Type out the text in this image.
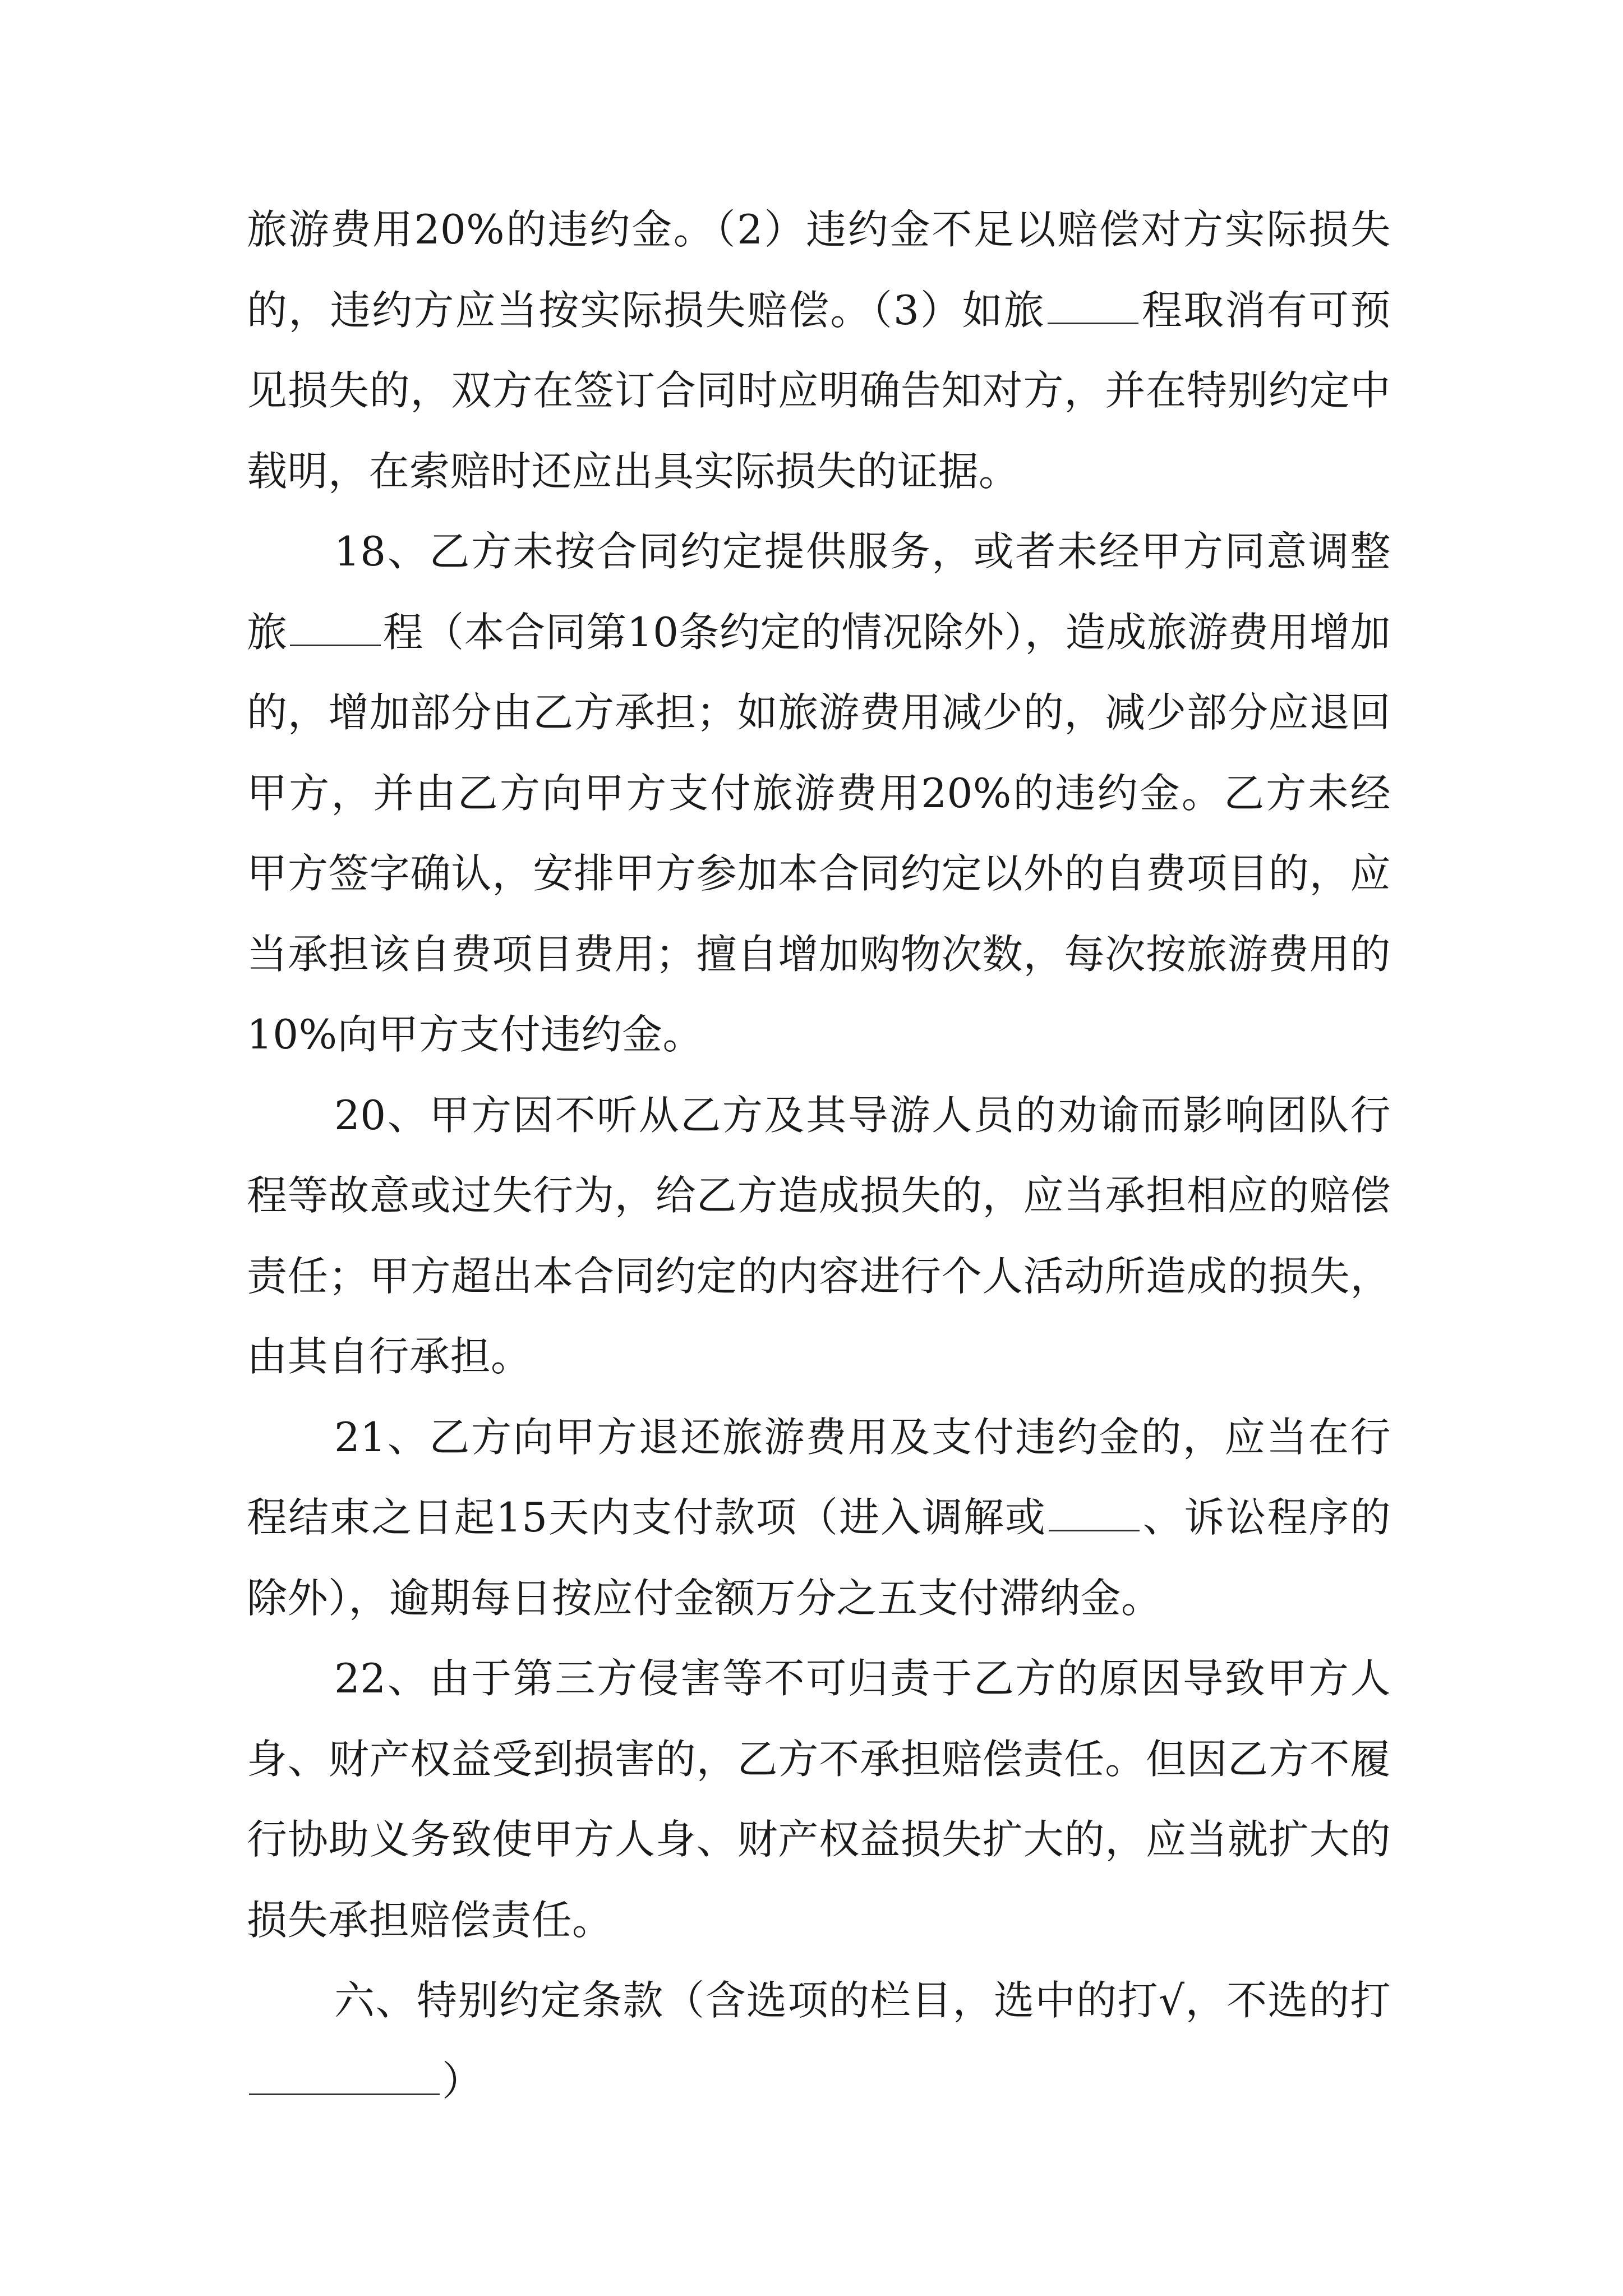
旅游费用20%的违约金。（2）违约金不足以赔偿对方实际损失的，违约方应当按实际损失赔偿。（3）如旅 程取消有可预见损失的，双方在签订合同时应明确告知对方，并在特别约定中载明，在索赔时还应出具实际损失的证据。

18、乙方未按合同约定提供服务，或者未经甲方同意调整旅 程（本合同第10条约定的情况除外），造成旅游费用增加的，增加部分由乙方承担；如旅游费用减少的，减少部分应退回甲方，并由乙方向甲方支付旅游费用20%的违约金。乙方未经甲方签字确认，安排甲方参加本合同约定以外的自费项目的，应当承担该自费项目费用；擅自增加购物次数，每次按旅游费用的10%向甲方支付违约金。

20、甲方因不听从乙方及其导游人员的劝谕而影响团队行程等故意或过失行为，给乙方造成损失的，应当承担相应的赔偿责任；甲方超出本合同约定的内容进行个人活动所造成的损失，由其自行承担。

21、乙方向甲方退还旅游费用及支付违约金的，应当在行程结束之日起15天内支付款项（进入调解或 、诉讼程序的除外），逾期每日按应付金额万分之五支付滞纳金。

22、由于第三方侵害等不可归责于乙方的原因导致甲方人身、财产权益受到损害的，乙方不承担赔偿责任。但因乙方不履行协助义务致使甲方人身、财产权益损失扩大的，应当就扩大的损失承担赔偿责任。

六、特别约定条款（含选项的栏目，选中的打√，不选的打）
